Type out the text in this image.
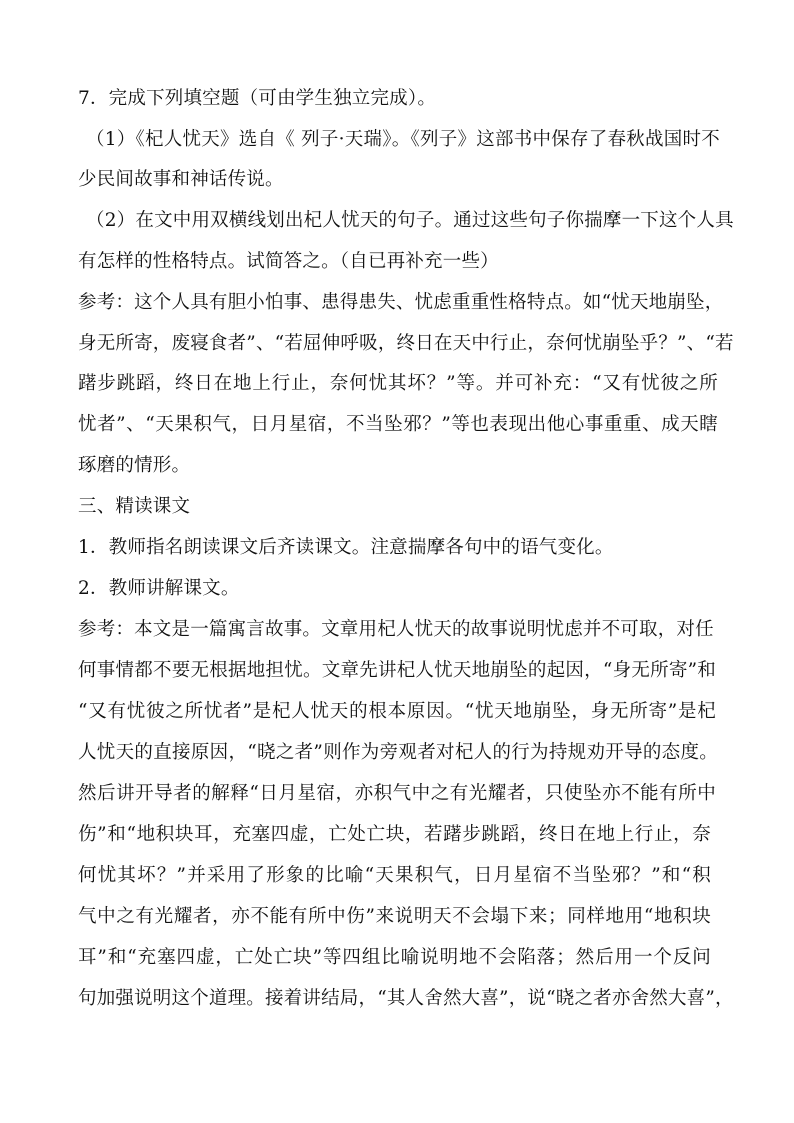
7．完成下列填空题（可由学生独立完成）。
（1）《杞人忧天》选自《 列子·天瑞》。《列子》这部书中保存了春秋战国时不
少民间故事和神话传说。
（2）在文中用双横线划出杞人忧天的句子。通过这些句子你揣摩一下这个人具
有怎样的性格特点。试简答之。（自已再补充一些）
参考：这个人具有胆小怕事、患得患失、忧虑重重性格特点。如“忧天地崩坠，
身无所寄，废寝食者”、“若屈伸呼吸，终日在天中行止，奈何忧崩坠乎？”、“若
躇步跳蹈，终日在地上行止，奈何忧其坏？”等。并可补充：“又有忧彼之所
忧者”、“天果积气，日月星宿，不当坠邪？”等也表现出他心事重重、成天瞎
琢磨的情形。
三、精读课文
1．教师指名朗读课文后齐读课文。注意揣摩各句中的语气变化。
2．教师讲解课文。
参考：本文是一篇寓言故事。文章用杞人忧天的故事说明忧虑并不可取，对任
何事情都不要无根据地担忧。文章先讲杞人忧天地崩坠的起因，“身无所寄”和
“又有忧彼之所忧者”是杞人忧天的根本原因。“忧天地崩坠，身无所寄”是杞
人忧天的直接原因，“晓之者”则作为旁观者对杞人的行为持规劝开导的态度。
然后讲开导者的解释“日月星宿，亦积气中之有光耀者，只使坠亦不能有所中
伤”和“地积块耳，充塞四虚，亡处亡块，若躇步跳蹈，终日在地上行止，奈
何忧其坏？”并采用了形象的比喻“天果积气，日月星宿不当坠邪？”和“积
气中之有光耀者，亦不能有所中伤”来说明天不会塌下来；同样地用“地积块
耳”和“充塞四虚，亡处亡块”等四组比喻说明地不会陷落；然后用一个反问
句加强说明这个道理。接着讲结局，“其人舍然大喜”，说“晓之者亦舍然大喜”，
